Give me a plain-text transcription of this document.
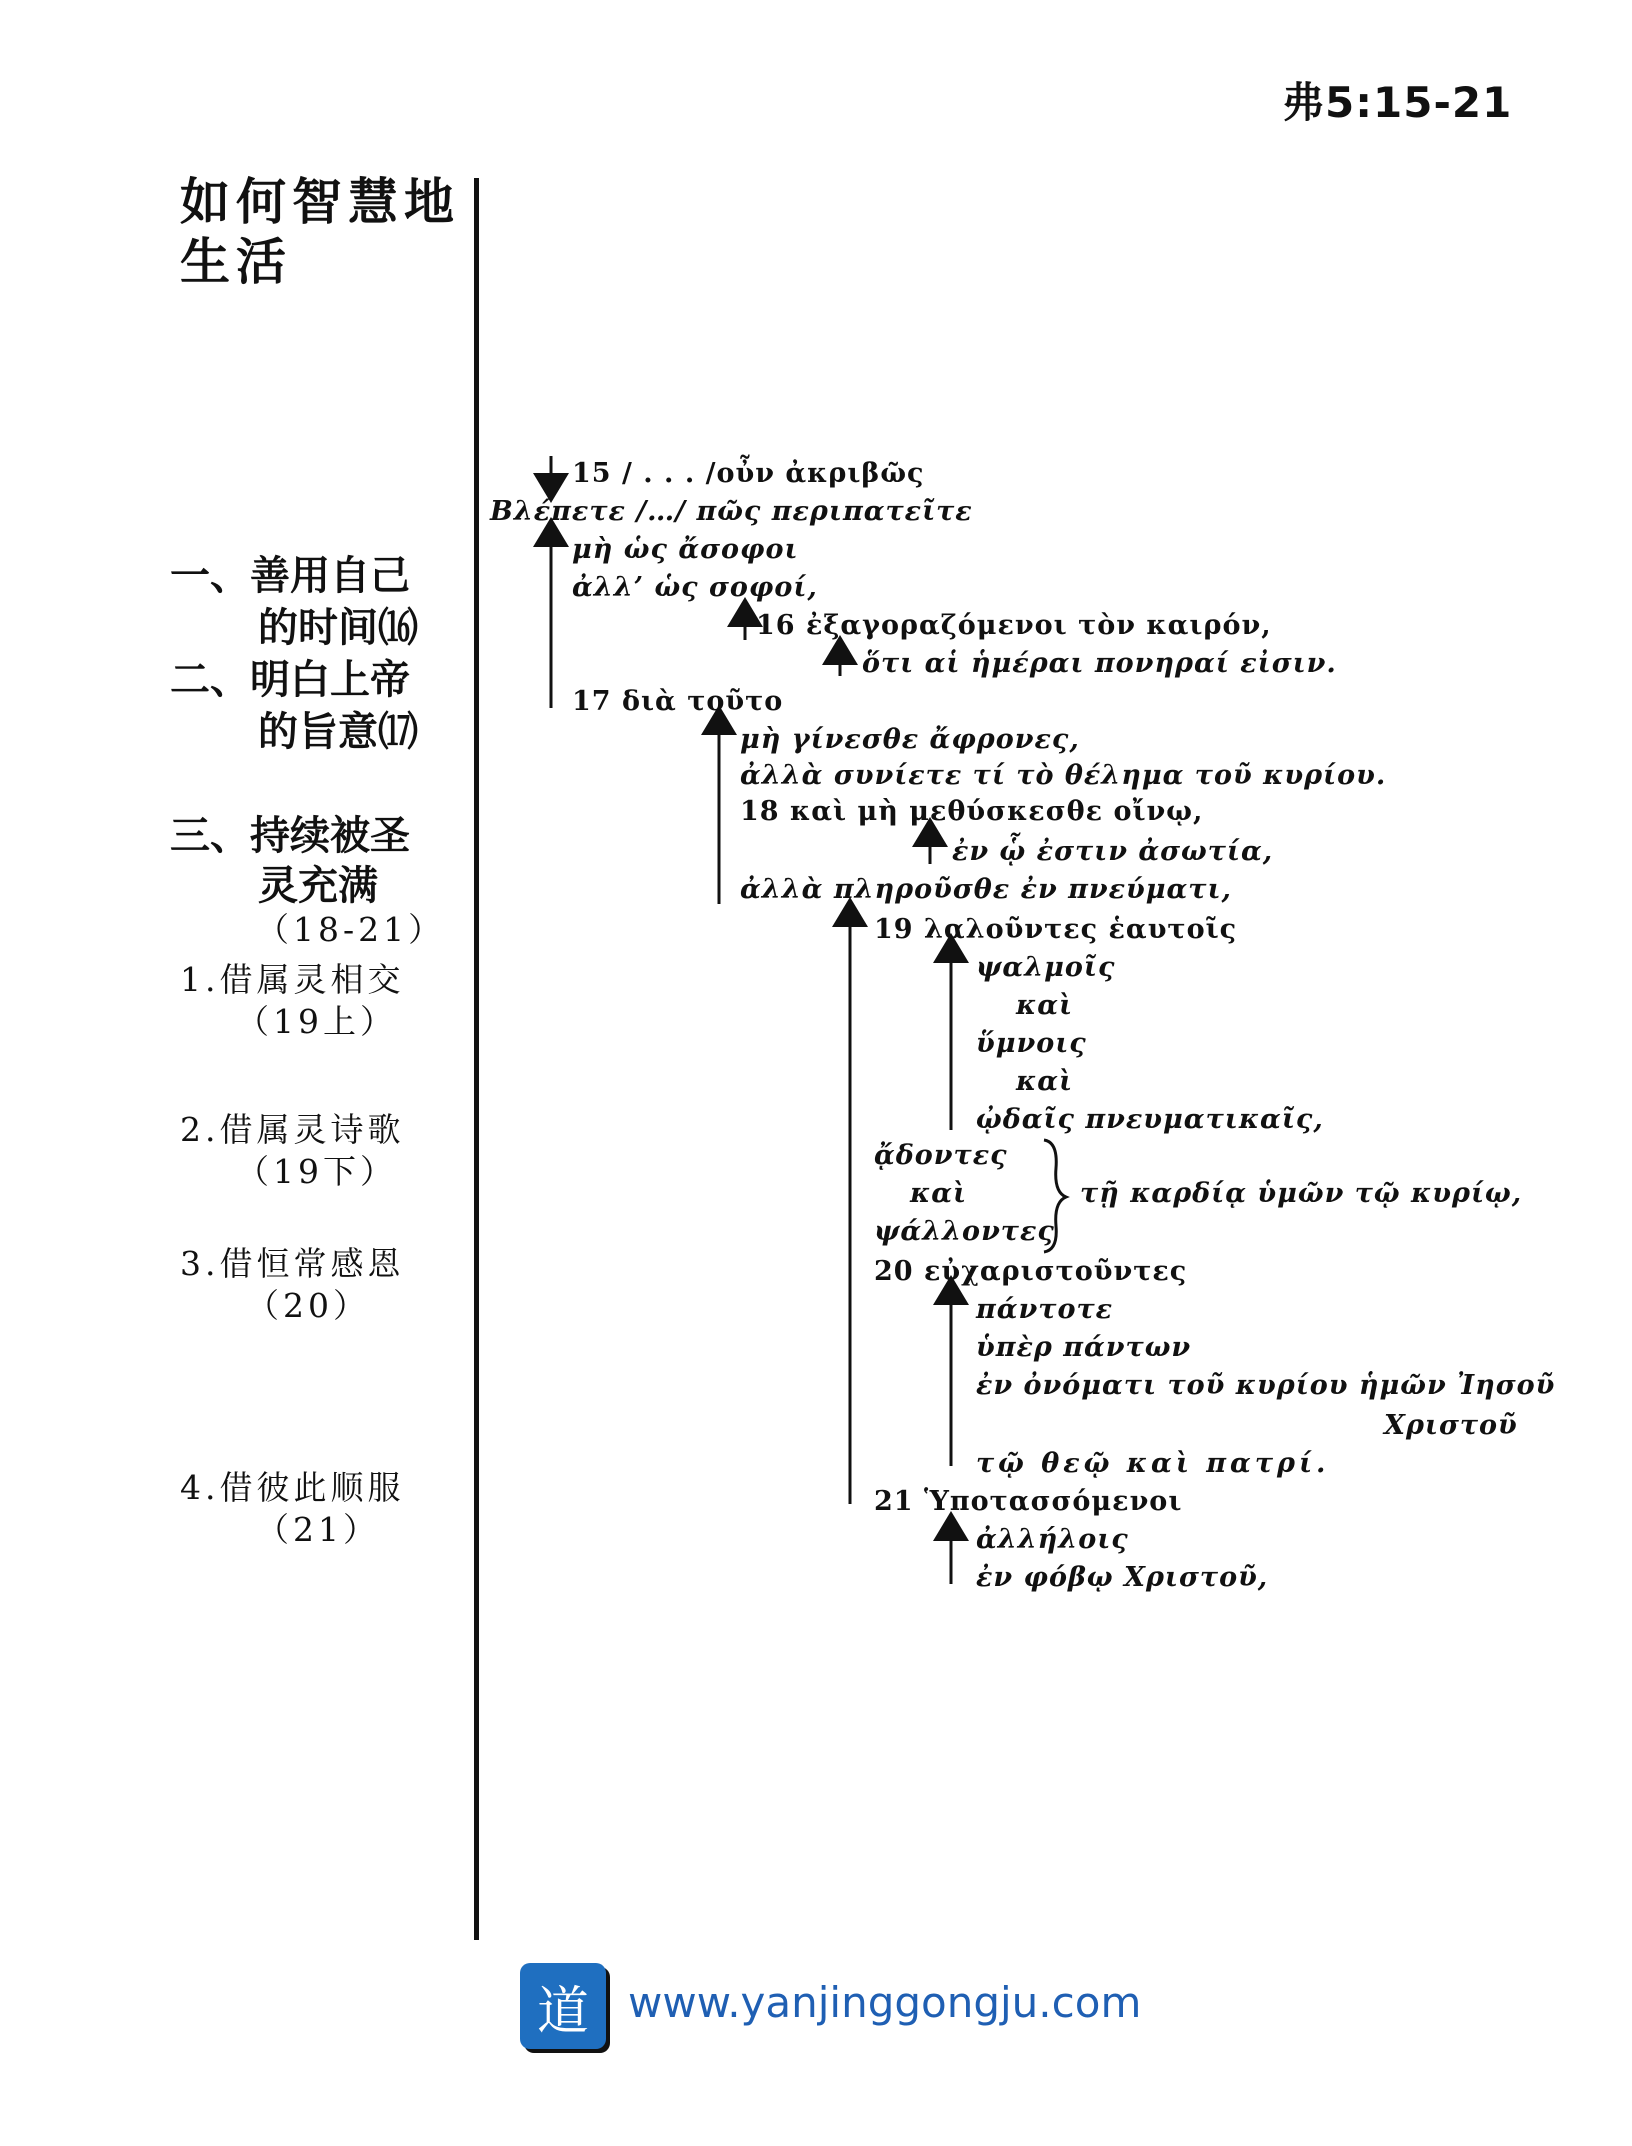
弗5:15-21
如何智慧地生活
一、善用自己
的时间⒃
二、明白上帝
的旨意⒄
三、持续被圣
灵充满
（18-21）
1.借属灵相交
（19上）
2.借属灵诗歌
（19下）
3.借恒常感恩
（20）
4.借彼此顺服
（21）
15 / . . . /οὖν ἀκριβῶς
Βλέπετε /…/ πῶς περιπατεῖτε
μὴ ὡς ἄσοφοι
ἀλλ’ ὡς σοφοί,
16 ἐξαγοραζόμενοι τὸν καιρόν,
ὅτι αἱ ἡμέραι πονηραί εἰσιν.
17 διὰ τοῦτο
μὴ γίνεσθε ἄφρονες,
ἀλλὰ συνίετε τί τὸ θέλημα τοῦ κυρίου.
18 καὶ μὴ μεθύσκεσθε οἴνῳ,
ἐν ᾧ ἐστιν ἀσωτία,
ἀλλὰ πληροῦσθε ἐν πνεύματι,
19 λαλοῦντες ἑαυτοῖς
ψαλμοῖς
καὶ
ὕμνοις
καὶ
ᾠδαῖς πνευματικαῖς,
ᾄδοντες
καὶ
ψάλλοντες
τῇ καρδίᾳ ὑμῶν τῷ κυρίῳ,
20 εὐχαριστοῦντες
πάντοτε
ὑπὲρ πάντων
ἐν ὀνόματι τοῦ κυρίου ἡμῶν Ἰησοῦ
Χριστοῦ
τῷ θεῷ καὶ πατρί.
21 Ὑποτασσόμενοι
ἀλλήλοις
ἐν φόβῳ Χριστοῦ,
道 www.yanjinggongju.com
